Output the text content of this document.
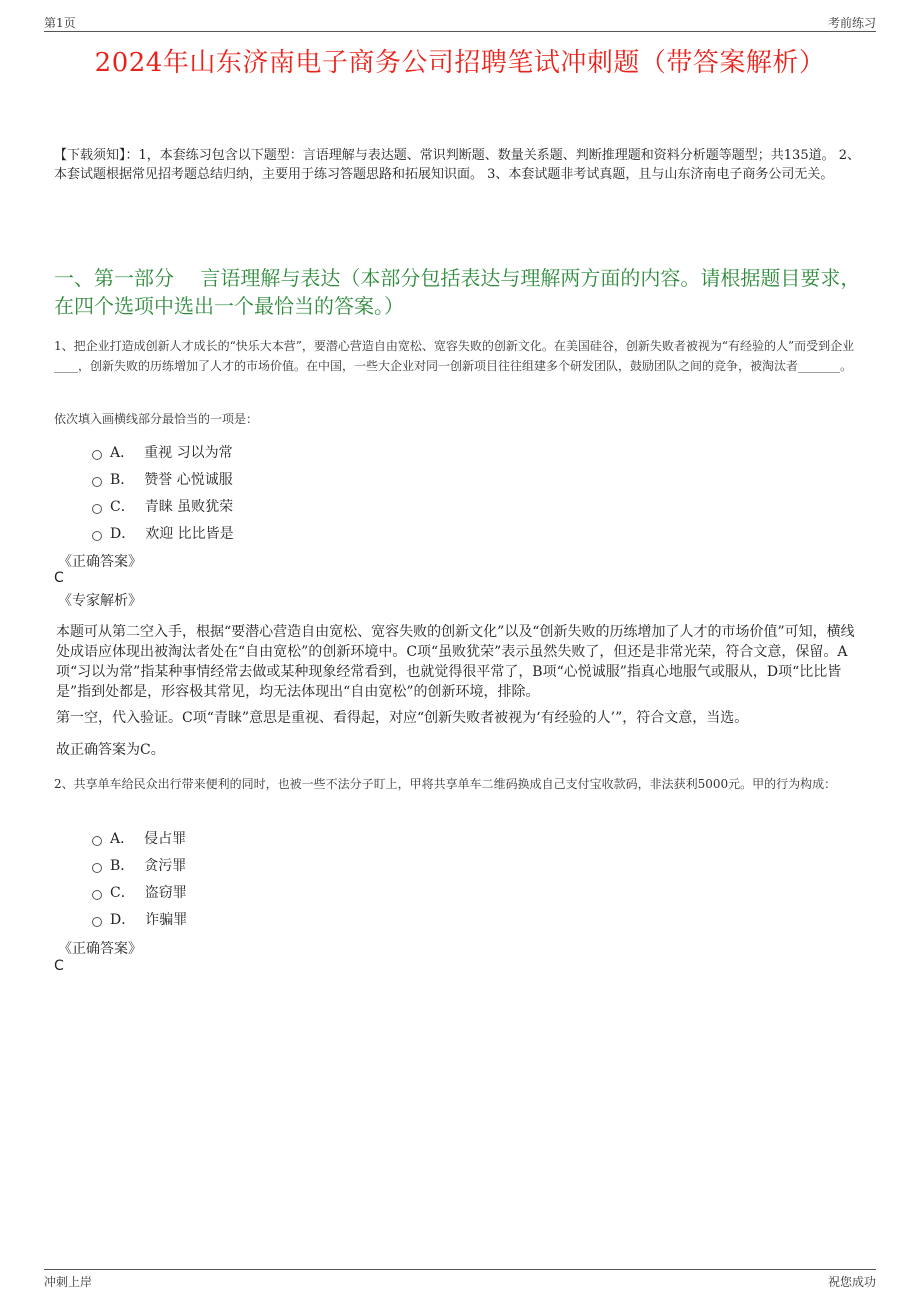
第1页	考前练习
2024年山东济南电子商务公司招聘笔试冲刺题（带答案解析）

【下载须知】：1，本套练习包含以下题型：言语理解与表达题、常识判断题、数量关系题、判断推理题和资料分析题等题型；共135道。 2、本套试题根据常见招考题总结归纳，主要用于练习答题思路和拓展知识面。 3、本套试题非考试真题，且与山东济南电子商务公司无关。

一、第一部分　 言语理解与表达（本部分包括表达与理解两方面的内容。请根据题目要求，在四个选项中选出一个最恰当的答案。）

1、把企业打造成创新人才成长的“快乐大本营”，要潜心营造自由宽松、宽容失败的创新文化。在美国硅谷，创新失败者被视为“有经验的人”而受到企业____，创新失败的历练增加了人才的市场价值。在中国，一些大企业对同一创新项目往往组建多个研发团队，鼓励团队之间的竞争，被淘汰者_______。

依次填入画横线部分最恰当的一项是：

A． 重视 习以为常
B． 赞誉 心悦诚服
C． 青睐 虽败犹荣
D． 欢迎 比比皆是
《正确答案》
C
《专家解析》

本题可从第二空入手，根据“要潜心营造自由宽松、宽容失败的创新文化”以及“创新失败的历练增加了人才的市场价值”可知，横线处成语应体现出被淘汰者处在“自由宽松”的创新环境中。C项“虽败犹荣”表示虽然失败了，但还是非常光荣，符合文意，保留。A项“习以为常”指某种事情经常去做或某种现象经常看到，也就觉得很平常了，B项“心悦诚服”指真心地服气或服从，D项“比比皆是”指到处都是，形容极其常见，均无法体现出“自由宽松”的创新环境，排除。

第一空，代入验证。C项“青睐”意思是重视、看得起，对应“创新失败者被视为‘有经验的人’”，符合文意，当选。

故正确答案为C。

2、共享单车给民众出行带来便利的同时，也被一些不法分子盯上，甲将共享单车二维码换成自己支付宝收款码，非法获利5000元。甲的行为构成：

A． 侵占罪
B． 贪污罪
C． 盗窃罪
D． 诈骗罪
《正确答案》
C
冲刺上岸	祝您成功
